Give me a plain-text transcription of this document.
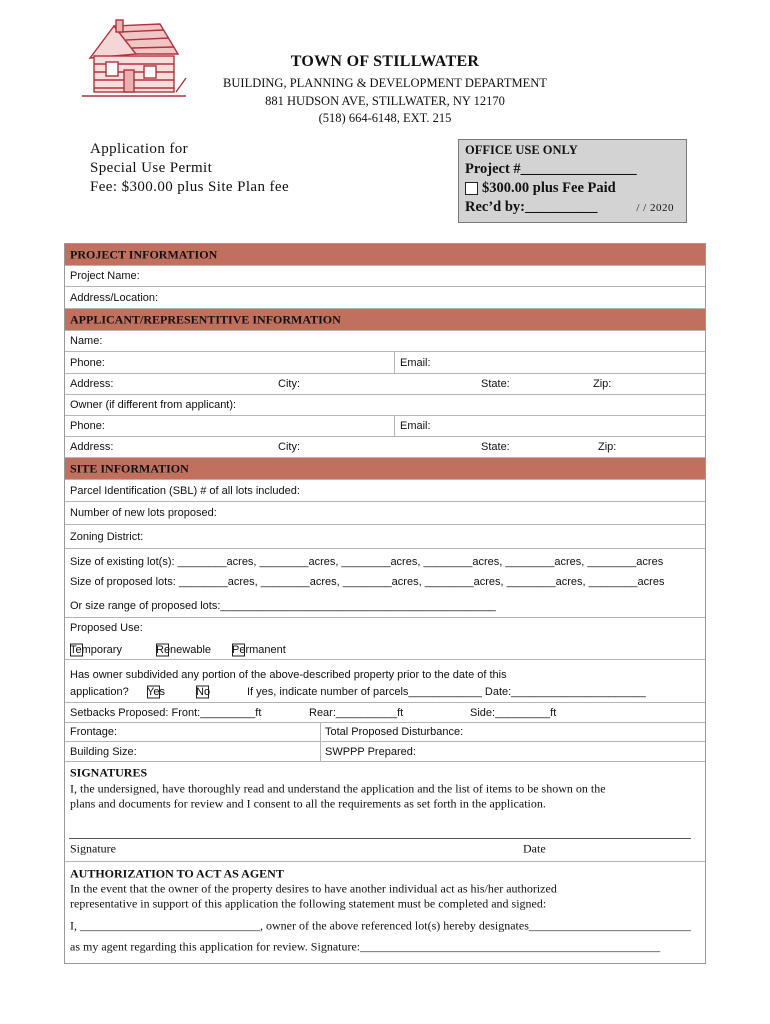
TOWN OF STILLWATER
BUILDING, PLANNING & DEVELOPMENT DEPARTMENT
881 HUDSON AVE, STILLWATER, NY 12170
(518) 664-6148, EXT. 215
Application for
Special Use Permit
Fee: $300.00 plus Site Plan fee
OFFICE USE ONLY
Project #________________
$300.00 plus Fee Paid
Rec’d by:__________	/ / 2020
PROJECT INFORMATION
Project Name:
Address/Location:
APPLICANT/REPRESENTITIVE INFORMATION
Name:
Phone:	Email:
Address:	City:	State:	Zip:
Owner (if different from applicant):
Phone:	Email:
Address:	City:	State:	Zip:
SITE INFORMATION
Parcel Identification (SBL) # of all lots included:
Number of new lots proposed:
Zoning District:
Size of existing lot(s): ________acres, ________acres, ________acres, ________acres, ________acres, ________acres
Size of proposed lots: ________acres, ________acres, ________acres, ________acres, ________acres, ________acres
Or size range of proposed lots:_____________________________________________
Proposed Use:
Temporary	Renewable Permanent
Has owner subdivided any portion of the above-described property prior to the date of this
application? Yes	No	If yes, indicate number of parcels____________ Date:______________________
Setbacks Proposed: Front:_________ft	Rear:__________ft	Side:_________ft
Frontage:	Total Proposed Disturbance:
Building Size:	SWPPP Prepared:
SIGNATURES
I, the undersigned, have thoroughly read and understand the application and the list of items to be shown on the
plans and documents for review and I consent to all the requirements as set forth in the application.
Signature	Date
AUTHORIZATION TO ACT AS AGENT
In the event that the owner of the property desires to have another individual act as his/her authorized
representative in support of this application the following statement must be completed and signed:
I, ______________________________, owner of the above referenced lot(s) hereby designates___________________________
as my agent regarding this application for review. Signature:__________________________________________________
